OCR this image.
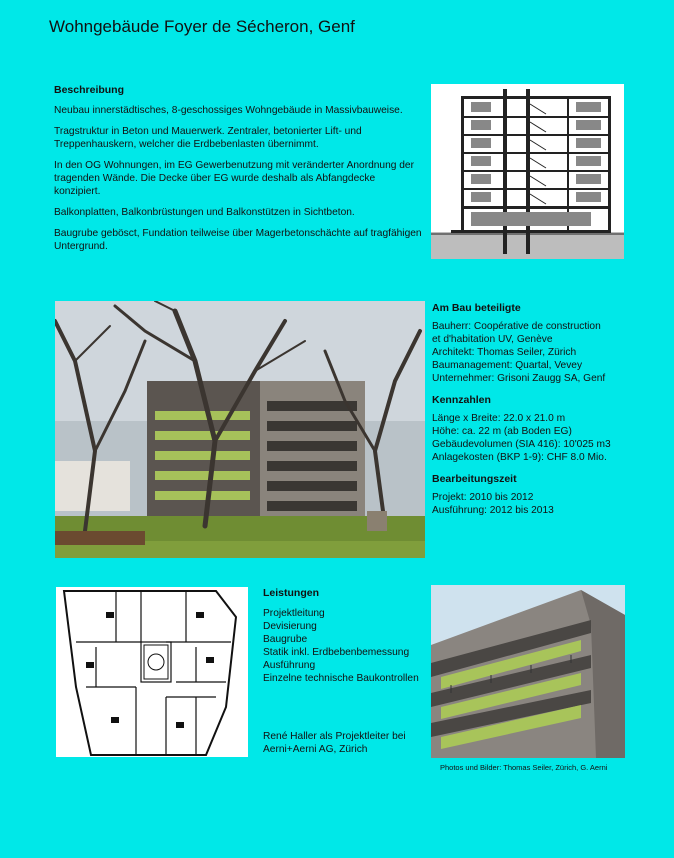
Wohngebäude Foyer de Sécheron, Genf
Beschreibung
Neubau innerstädtisches, 8-geschossiges Wohngebäude in Massivbauweise.
Tragstruktur in Beton und Mauerwerk. Zentraler, betonierter Lift- und Treppenhauskern, welcher die Erdbebenlasten übernimmt.
In den OG Wohnungen, im EG Gewerbenutzung mit veränderter Anordnung der tragenden Wände. Die Decke über EG wurde deshalb als Abfangdecke konzipiert.
Balkonplatten, Balkonbrüstungen und Balkonstützen in Sichtbeton.
Baugrube gebösct, Fundation teilweise über Magerbetonschächte auf tragfähigen Untergrund.
Am Bau beteiligte
Bauherr: Coopérative de construction
et d'habitation UV, Genève
Architekt: Thomas Seiler, Zürich
Baumanagement: Quartal, Vevey
Unternehmer: Grisoni Zaugg SA, Genf
Kennzahlen
Länge x Breite: 22.0 x 21.0 m
Höhe: ca. 22 m (ab Boden EG)
Gebäudevolumen (SIA 416): 10'025 m3
Anlagekosten (BKP 1-9): CHF 8.0 Mio.
Bearbeitungszeit
Projekt: 2010 bis 2012
Ausführung: 2012 bis 2013
Leistungen
Projektleitung
Devisierung
Baugrube
Statik inkl. Erdbebenbemessung
Ausführung
Einzelne technische Baukontrollen
René Haller als Projektleiter bei
Aerni+Aerni AG, Zürich
Photos und Bilder: Thomas Seiler, Zürich, G. Aerni
